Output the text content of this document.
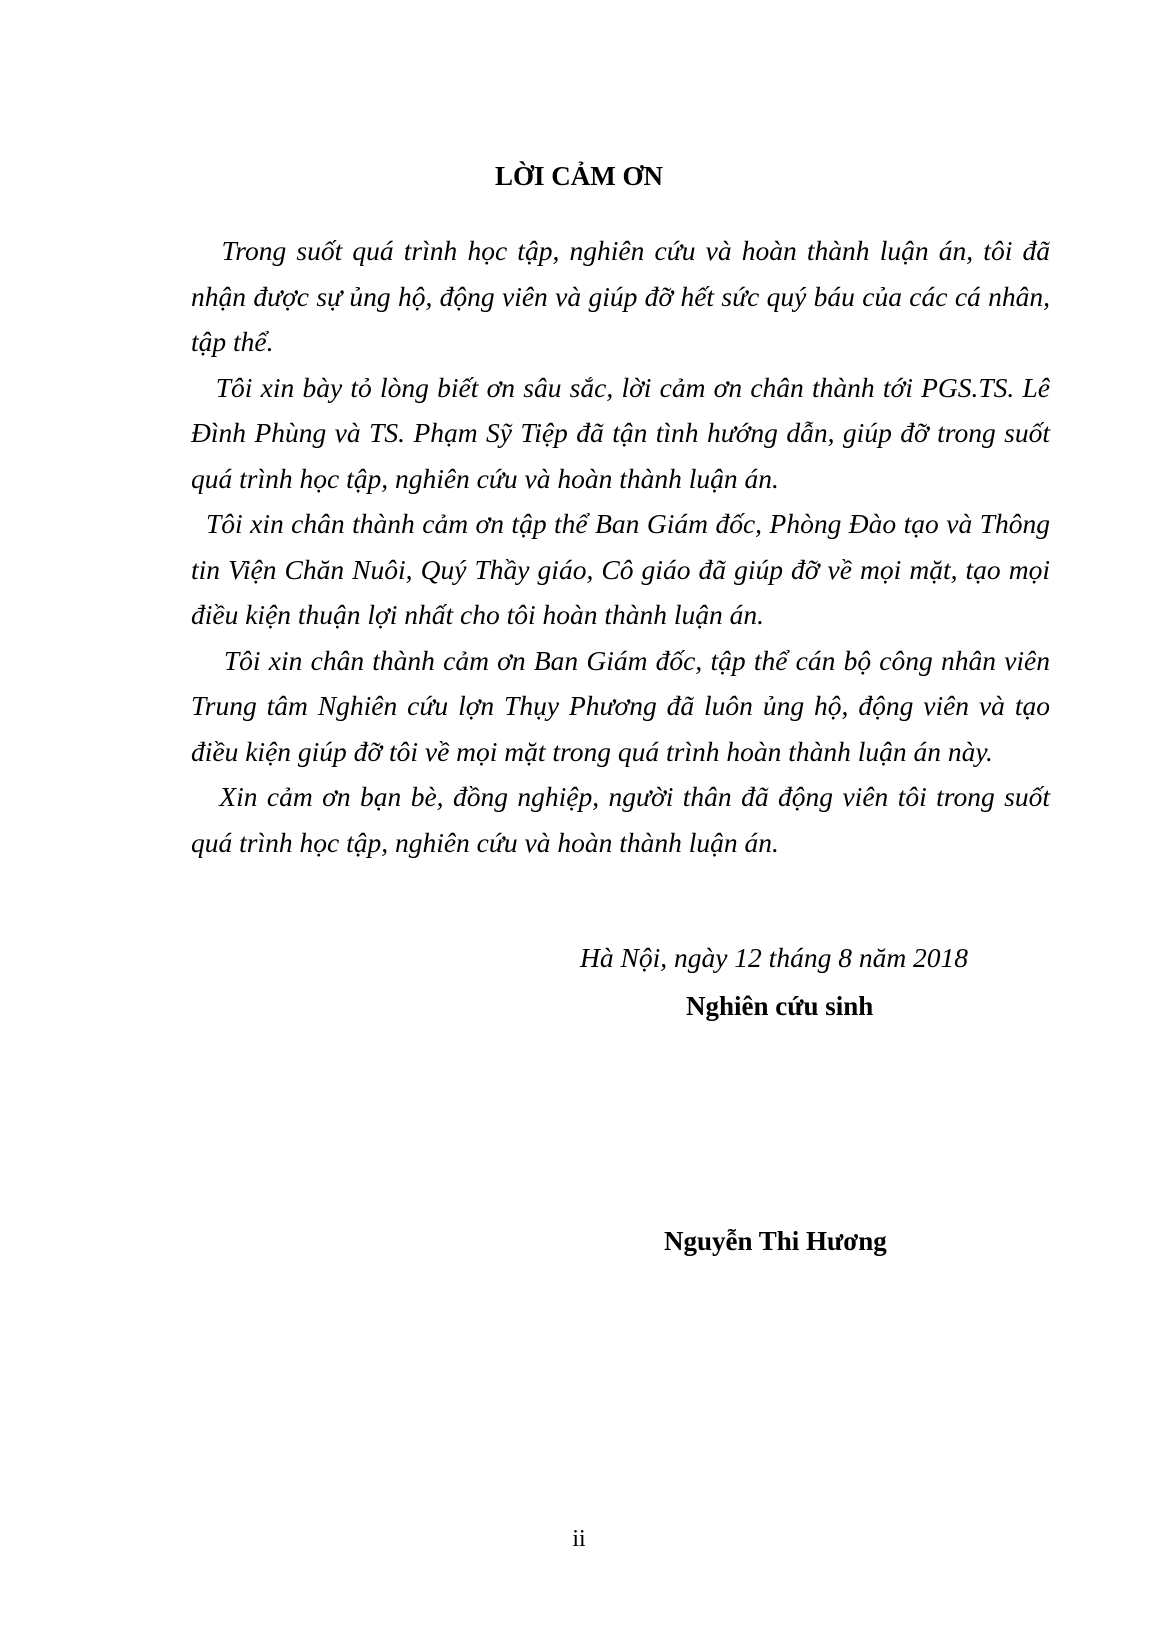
LỜI CẢM ƠN

Trong suốt quá trình học tập, nghiên cứu và hoàn thành luận án, tôi đã nhận được sự ủng hộ, động viên và giúp đỡ hết sức quý báu của các cá nhân, tập thể.

Tôi xin bày tỏ lòng biết ơn sâu sắc, lời cảm ơn chân thành tới PGS.TS. Lê Đình Phùng và TS. Phạm Sỹ Tiệp đã tận tình hướng dẫn, giúp đỡ trong suốt quá trình học tập, nghiên cứu và hoàn thành luận án.

Tôi xin chân thành cảm ơn tập thể Ban Giám đốc, Phòng Đào tạo và Thông tin Viện Chăn Nuôi, Quý Thầy giáo, Cô giáo đã giúp đỡ về mọi mặt, tạo mọi điều kiện thuận lợi nhất cho tôi hoàn thành luận án.

Tôi xin chân thành cảm ơn Ban Giám đốc, tập thể cán bộ công nhân viên Trung tâm Nghiên cứu lợn Thụy Phương đã luôn ủng hộ, động viên và tạo điều kiện giúp đỡ tôi về mọi mặt trong quá trình hoàn thành luận án này.

Xin cảm ơn bạn bè, đồng nghiệp, người thân đã động viên tôi trong suốt quá trình học tập, nghiên cứu và hoàn thành luận án.

Hà Nội, ngày 12 tháng 8 năm 2018

Nghiên cứu sinh

Nguyễn Thi Hương

ii
